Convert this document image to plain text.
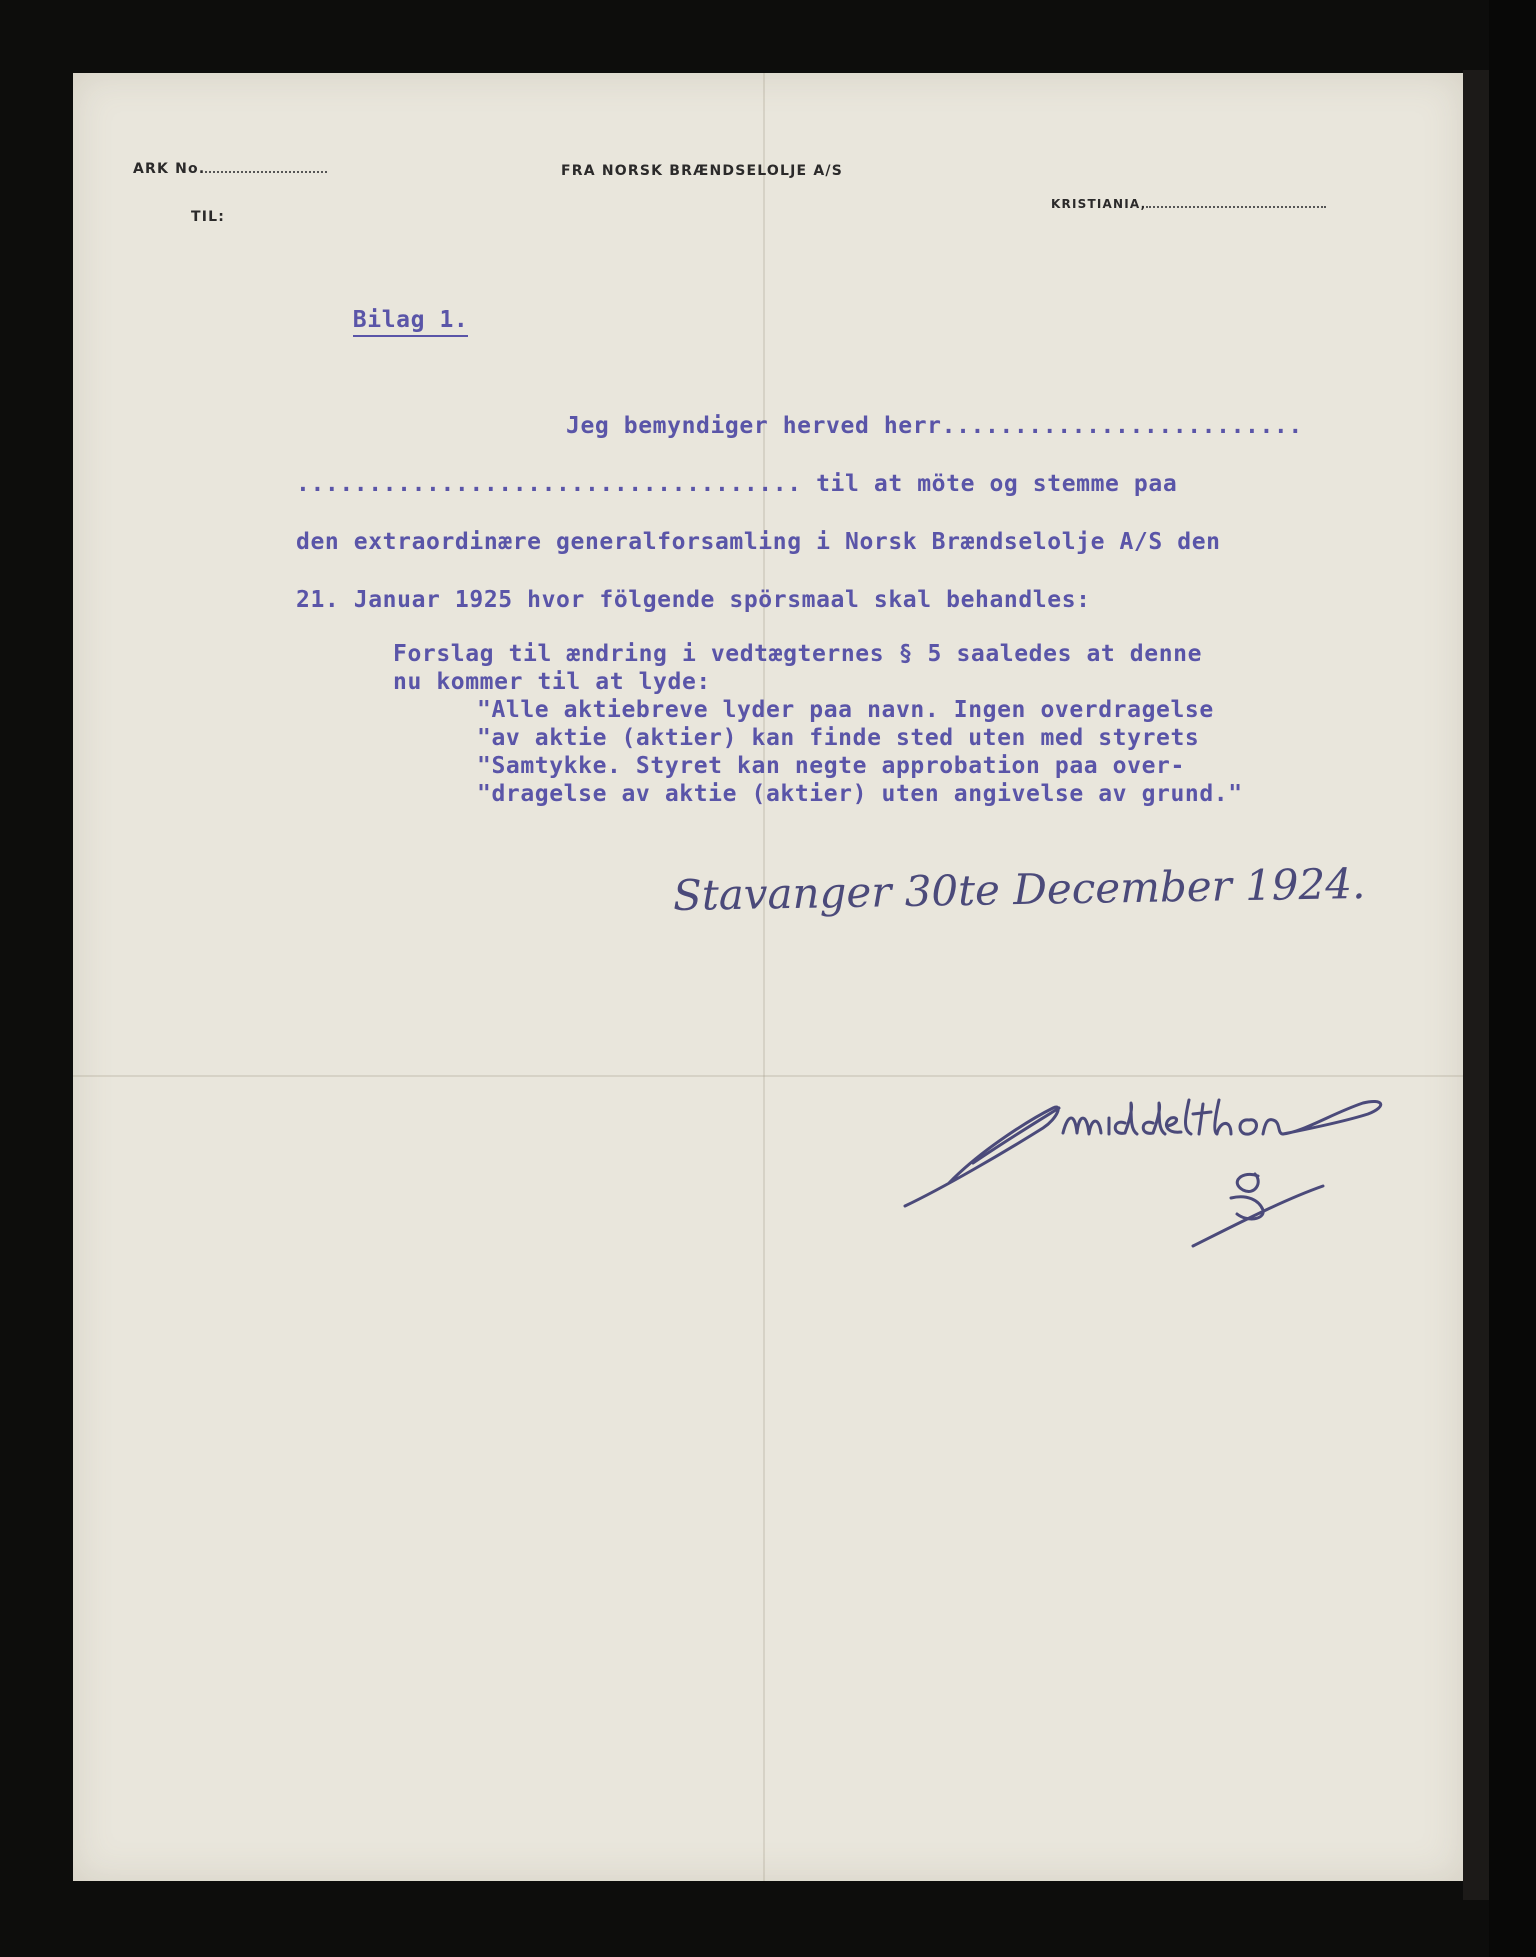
ARK No.
TIL:
FRA NORSK BRÆNDSELOLJE A/S
KRISTIANIA,

Bilag 1.

Jeg bemyndiger herved herr.........................
................................... til at möte og stemme paa
den extraordinære generalforsamling i Norsk Brændselolje A/S den
21. Januar 1925 hvor fölgende spörsmaal skal behandles:
Forslag til ændring i vedtægternes § 5 saaledes at denne
nu kommer til at lyde:
"Alle aktiebreve lyder paa navn. Ingen overdragelse
"av aktie (aktier) kan finde sted uten med styrets
"Samtykke. Styret kan negte approbation paa over-
"dragelse av aktie (aktier) uten angivelse av grund."
Stavanger 30te December 1924.
